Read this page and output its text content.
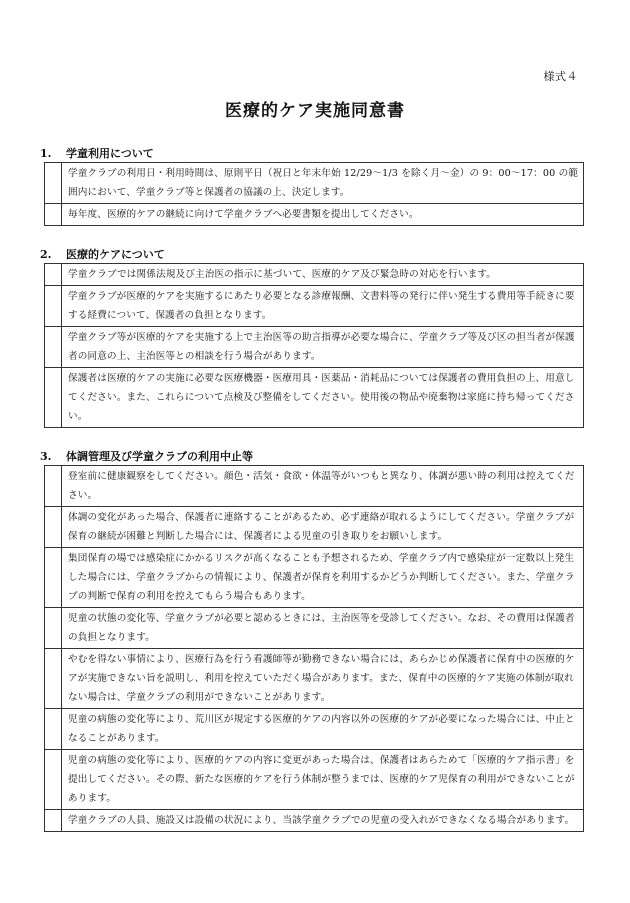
様式４
医療的ケア実施同意書
1.	学童利用について
	学童クラブの利用日・利用時間は、原則平日（祝日と年末年始 12/29～1/3 を除く月～金）の 9：00～17：00 の範囲内において、学童クラブ等と保護者の協議の上、決定します。
	毎年度、医療的ケアの継続に向けて学童クラブへ必要書類を提出してください。
2.	医療的ケアについて
	学童クラブでは関係法規及び主治医の指示に基づいて、医療的ケア及び緊急時の対応を行います。
	学童クラブが医療的ケアを実施するにあたり必要となる診療報酬、文書料等の発行に伴い発生する費用等手続きに要する経費について、保護者の負担となります。
	学童クラブ等が医療的ケアを実施する上で主治医等の助言指導が必要な場合に、学童クラブ等及び区の担当者が保護者の同意の上、主治医等との相談を行う場合があります。
	保護者は医療的ケアの実施に必要な医療機器・医療用具・医薬品・消耗品については保護者の費用負担の上、用意してください。また、これらについて点検及び整備をしてください。使用後の物品や廃棄物は家庭に持ち帰ってください。
3.	体調管理及び学童クラブの利用中止等
	登室前に健康観察をしてください。顔色・活気・食欲・体温等がいつもと異なり、体調が悪い時の利用は控えてください。
	体調の変化があった場合、保護者に連絡することがあるため、必ず連絡が取れるようにしてください。学童クラブが保育の継続が困難と判断した場合には、保護者による児童の引き取りをお願いします。
	集団保育の場では感染症にかかるリスクが高くなることも予想されるため、学童クラブ内で感染症が一定数以上発生した場合には、学童クラブからの情報により、保護者が保育を利用するかどうか判断してください。また、学童クラブの判断で保育の利用を控えてもらう場合もあります。
	児童の状態の変化等、学童クラブが必要と認めるときには、主治医等を受診してください。なお、その費用は保護者の負担となります。
	やむを得ない事情により、医療行為を行う看護師等が勤務できない場合には、あらかじめ保護者に保育中の医療的ケアが実施できない旨を説明し、利用を控えていただく場合があります。また、保育中の医療的ケア実施の体制が取れない場合は、学童クラブの利用ができないことがあります。
	児童の病態の変化等により、荒川区が規定する医療的ケアの内容以外の医療的ケアが必要になった場合には、中止となることがあります。
	児童の病態の変化等により、医療的ケアの内容に変更があった場合は、保護者はあらためて「医療的ケア指示書」を提出してください。その際、新たな医療的ケアを行う体制が整うまでは、医療的ケア児保育の利用ができないことがあります。
	学童クラブの人員、施設又は設備の状況により、当該学童クラブでの児童の受入れができなくなる場合があります。
